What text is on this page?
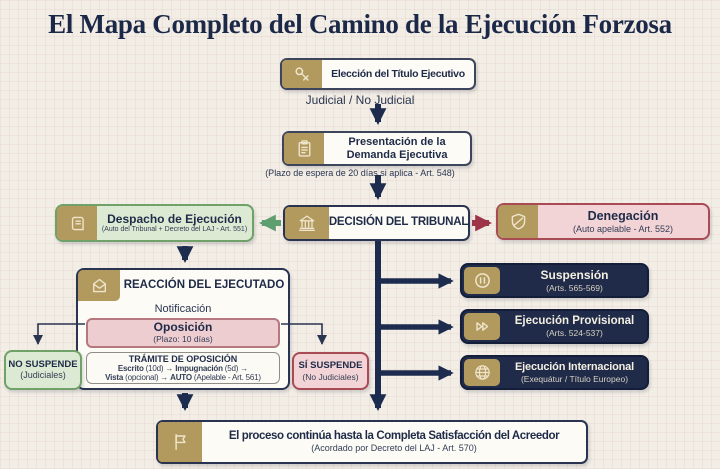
El Mapa Completo del Camino de la Ejecución Forzosa
Elección del Título Ejecutivo
Judicial / No Judicial
Presentación de la
Demanda Ejecutiva
(Plazo de espera de 20 días si aplica - Art. 548)
Despacho de Ejecución
(Auto del Tribunal + Decreto del LAJ - Art. 551)
DECISIÓN DEL TRIBUNAL	Denegación
(Auto apelable - Art. 552)
REACCIÓN DEL EJECUTADO
Notificación
Oposición
(Plazo: 10 días)
TRÁMITE DE OPOSICIÓN
Escrito (10d) → Impugnación (5d) →
Vista (opcional) → AUTO (Apelable - Art. 561)
NO SUSPENDE
(Judiciales)
SÍ SUSPENDE
(No Judiciales)
Suspensión
(Arts. 565-569)
Ejecución Provisional
(Arts. 524-537)
Ejecución Internacional
(Exequátur / Título Europeo)
El proceso continúa hasta la Completa Satisfacción del Acreedor
(Acordado por Decreto del LAJ - Art. 570)
